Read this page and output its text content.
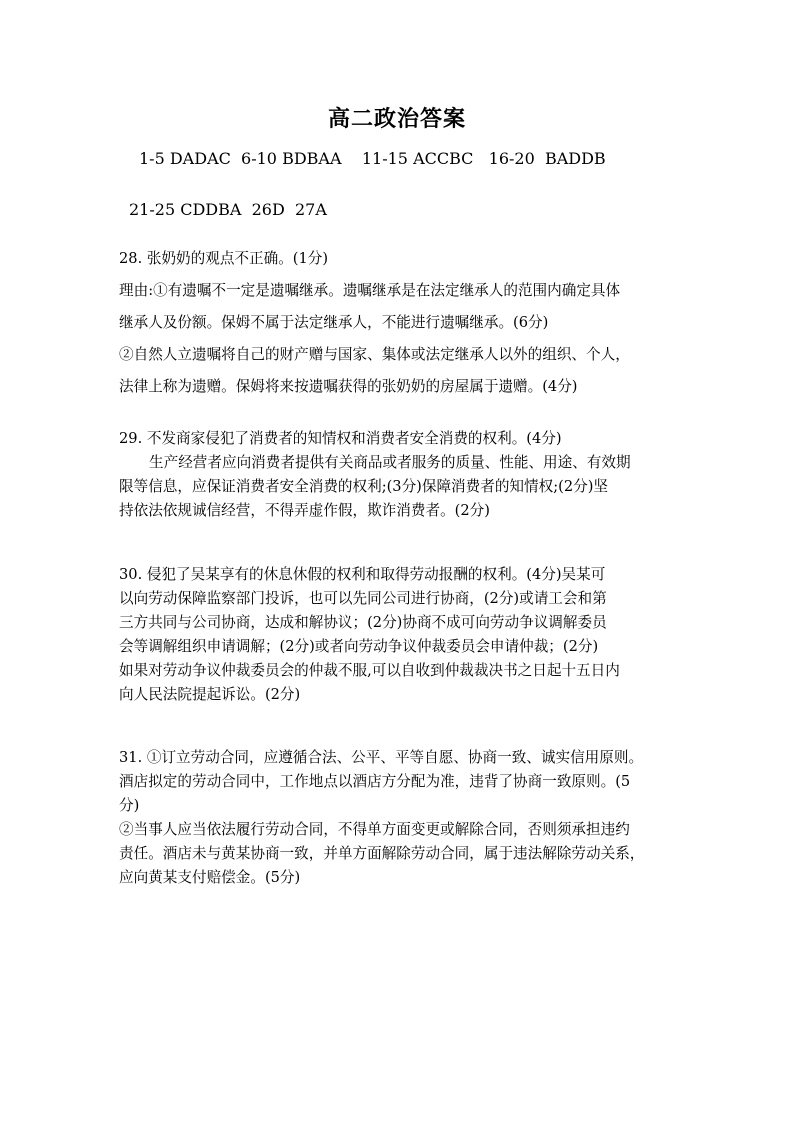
高二政治答案
1-5 DADAC  6-10 BDBAA    11-15 ACCBC   16-20  BADDB
21-25 CDDBA  26D  27A
28. 张奶奶的观点不正确。(1分)
理由:①有遗嘱不一定是遗嘱继承。遗嘱继承是在法定继承人的范围内确定具体
继承人及份额。保姆不属于法定继承人，不能进行遗嘱继承。(6分)
②自然人立遗嘱将自己的财产赠与国家、集体或法定继承人以外的组织、个人，
法律上称为遗赠。保姆将来按遗嘱获得的张奶奶的房屋属于遗赠。(4分)
29. 不发商家侵犯了消费者的知情权和消费者安全消费的权利。(4分)
生产经营者应向消费者提供有关商品或者服务的质量、性能、用途、有效期
限等信息，应保证消费者安全消费的权利;(3分)保障消费者的知情权;(2分)坚
持依法依规诚信经营，不得弄虚作假，欺诈消费者。(2分)
30. 侵犯了吴某享有的休息休假的权利和取得劳动报酬的权利。(4分)吴某可
以向劳动保障监察部门投诉，也可以先同公司进行协商，(2分)或请工会和第
三方共同与公司协商，达成和解协议；(2分)协商不成可向劳动争议调解委员
会等调解组织申请调解；(2分)或者向劳动争议仲裁委员会申请仲裁；(2分)
如果对劳动争议仲裁委员会的仲裁不服,可以自收到仲裁裁决书之日起十五日内
向人民法院提起诉讼。(2分)
31. ①订立劳动合同，应遵循合法、公平、平等自愿、协商一致、诚实信用原则。
酒店拟定的劳动合同中，工作地点以酒店方分配为准，违背了协商一致原则。(5
分)
②当事人应当依法履行劳动合同，不得单方面变更或解除合同，否则须承担违约
责任。酒店未与黄某协商一致，并单方面解除劳动合同，属于违法解除劳动关系，
应向黄某支付赔偿金。(5分)
